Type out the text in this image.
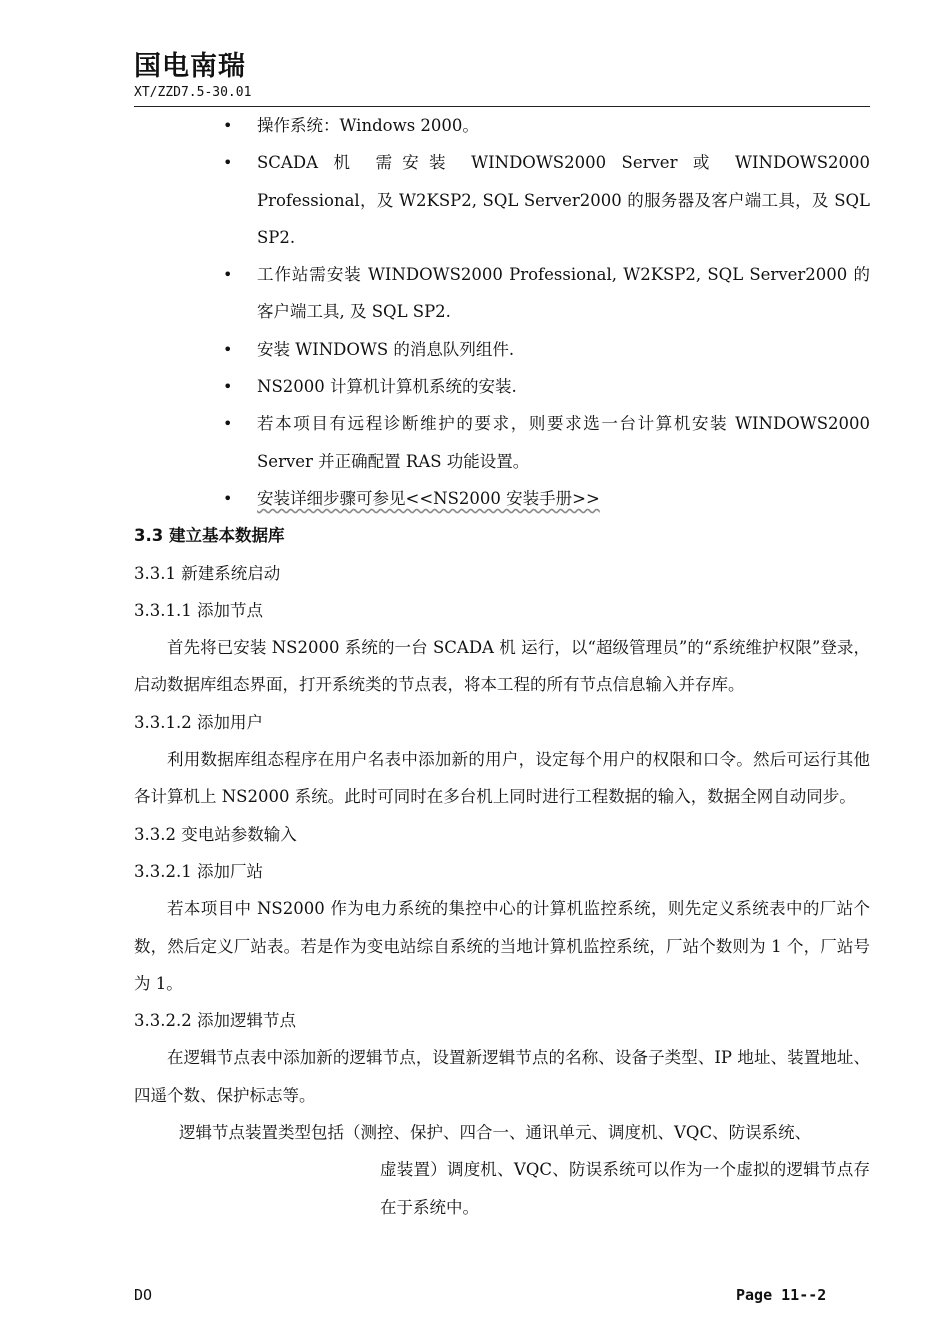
国电南瑞
XT/ZZD7.5-30.01
• 操作系统：Windows 2000。
• SCADA 机 需安装 WINDOWS2000 Server 或 WINDOWS2000 Professional，及 W2KSP2, SQL Server2000 的服务器及客户端工具，及 SQL SP2.
• 工作站需安装 WINDOWS2000 Professional, W2KSP2, SQL Server2000 的客户端工具, 及 SQL SP2.
• 安装 WINDOWS 的消息队列组件.
• NS2000 计算机计算机系统的安装.
• 若本项目有远程诊断维护的要求，则要求选一台计算机安装 WINDOWS2000 Server 并正确配置 RAS 功能设置。
• 安装详细步骤可参见<<NS2000 安装手册>>
3.3 建立基本数据库
3.3.1 新建系统启动
3.3.1.1 添加节点
首先将已安装 NS2000 系统的一台 SCADA 机 运行，以“超级管理员”的“系统维护权限”登录，启动数据库组态界面，打开系统类的节点表，将本工程的所有节点信息输入并存库。
3.3.1.2 添加用户
利用数据库组态程序在用户名表中添加新的用户，设定每个用户的权限和口令。然后可运行其他各计算机上 NS2000 系统。此时可同时在多台机上同时进行工程数据的输入，数据全网自动同步。
3.3.2 变电站参数输入
3.3.2.1 添加厂站
若本项目中 NS2000 作为电力系统的集控中心的计算机监控系统，则先定义系统表中的厂站个数，然后定义厂站表。若是作为变电站综自系统的当地计算机监控系统，厂站个数则为 1 个，厂站号为 1。
3.3.2.2 添加逻辑节点
在逻辑节点表中添加新的逻辑节点，设置新逻辑节点的名称、设备子类型、IP 地址、装置地址、四遥个数、保护标志等。
逻辑节点装置类型包括（测控、保护、四合一、通讯单元、调度机、VQC、防误系统、
虚装置）调度机、VQC、防误系统可以作为一个虚拟的逻辑节点存在于系统中。
DO	Page 11--2
